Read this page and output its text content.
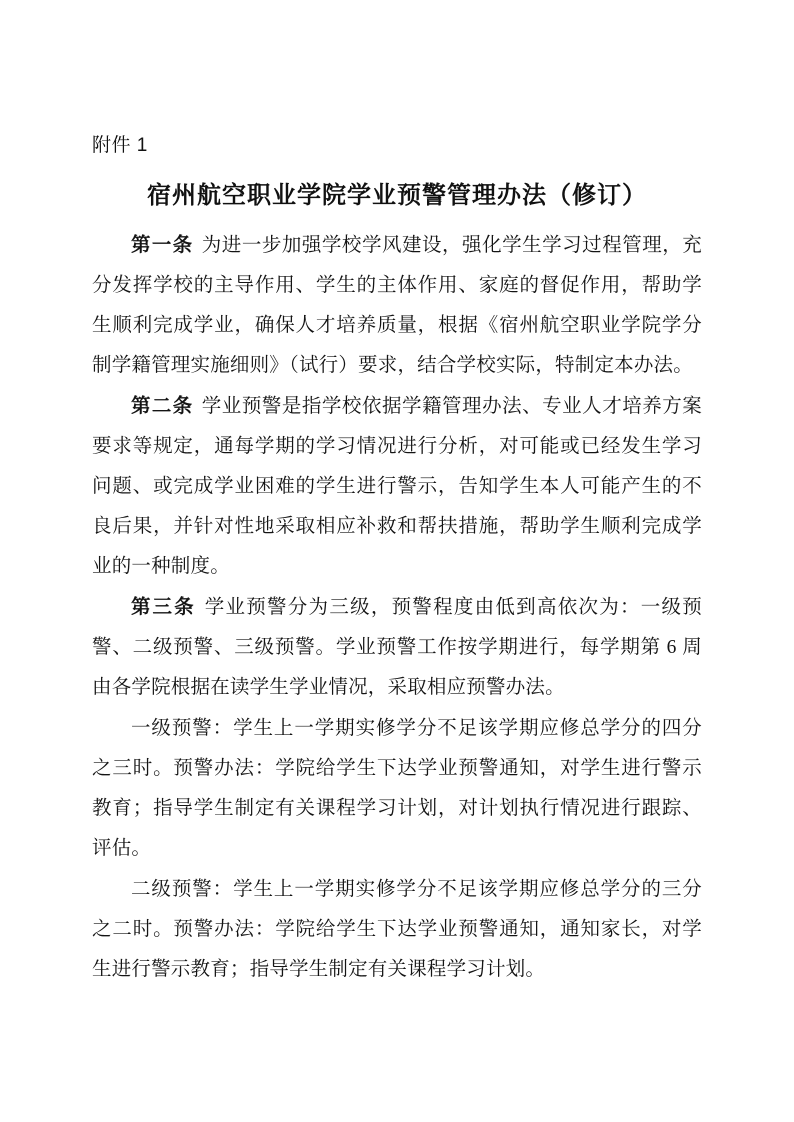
附件 1
宿州航空职业学院学业预警管理办法（修订）

第一条 为进一步加强学校学风建设，强化学生学习过程管理，充分发挥学校的主导作用、学生的主体作用、家庭的督促作用，帮助学生顺利完成学业，确保人才培养质量，根据《宿州航空职业学院学分制学籍管理实施细则》（试行）要求，结合学校实际，特制定本办法。

第二条 学业预警是指学校依据学籍管理办法、专业人才培养方案要求等规定，通每学期的学习情况进行分析，对可能或已经发生学习问题、或完成学业困难的学生进行警示，告知学生本人可能产生的不良后果，并针对性地采取相应补救和帮扶措施，帮助学生顺利完成学业的一种制度。

第三条 学业预警分为三级，预警程度由低到高依次为：一级预警、二级预警、三级预警。学业预警工作按学期进行，每学期第 6 周由各学院根据在读学生学业情况，采取相应预警办法。

一级预警：学生上一学期实修学分不足该学期应修总学分的四分之三时。预警办法：学院给学生下达学业预警通知，对学生进行警示教育；指导学生制定有关课程学习计划，对计划执行情况进行跟踪、评估。

二级预警：学生上一学期实修学分不足该学期应修总学分的三分之二时。预警办法：学院给学生下达学业预警通知，通知家长，对学生进行警示教育；指导学生制定有关课程学习计划。
